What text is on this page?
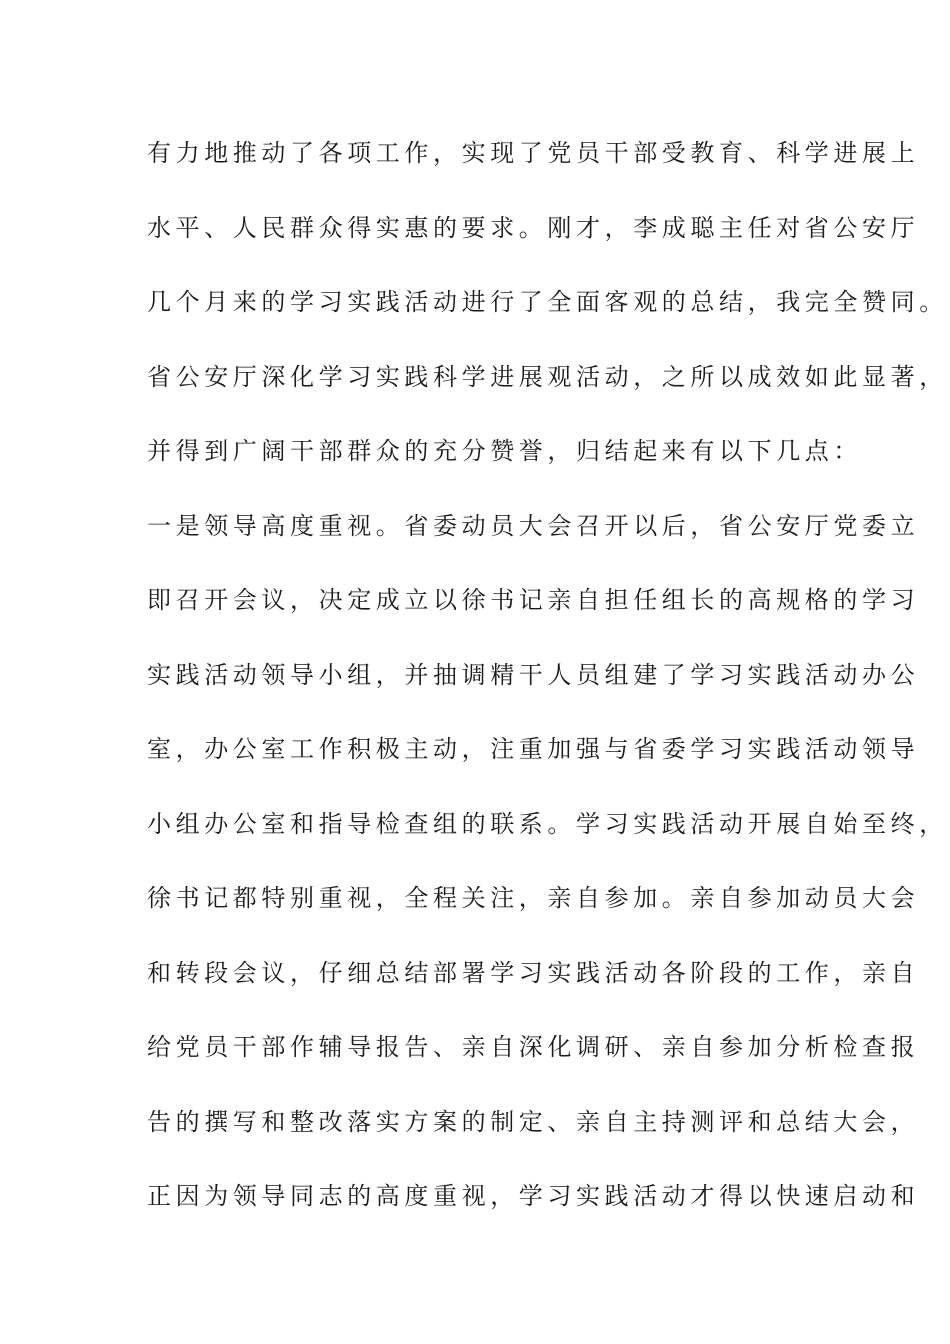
有力地推动了各项工作，实现了党员干部受教育、科学进展上
水平、人民群众得实惠的要求。刚才，李成聪主任对省公安厅
几个月来的学习实践活动进行了全面客观的总结，我完全赞同。
省公安厅深化学习实践科学进展观活动，之所以成效如此显著，
并得到广阔干部群众的充分赞誉，归结起来有以下几点：
一是领导高度重视。省委动员大会召开以后，省公安厅党委立
即召开会议，决定成立以徐书记亲自担任组长的高规格的学习
实践活动领导小组，并抽调精干人员组建了学习实践活动办公
室，办公室工作积极主动，注重加强与省委学习实践活动领导
小组办公室和指导检查组的联系。学习实践活动开展自始至终，
徐书记都特别重视，全程关注，亲自参加。亲自参加动员大会
和转段会议，仔细总结部署学习实践活动各阶段的工作，亲自
给党员干部作辅导报告、亲自深化调研、亲自参加分析检查报
告的撰写和整改落实方案的制定、亲自主持测评和总结大会，
正因为领导同志的高度重视，学习实践活动才得以快速启动和
